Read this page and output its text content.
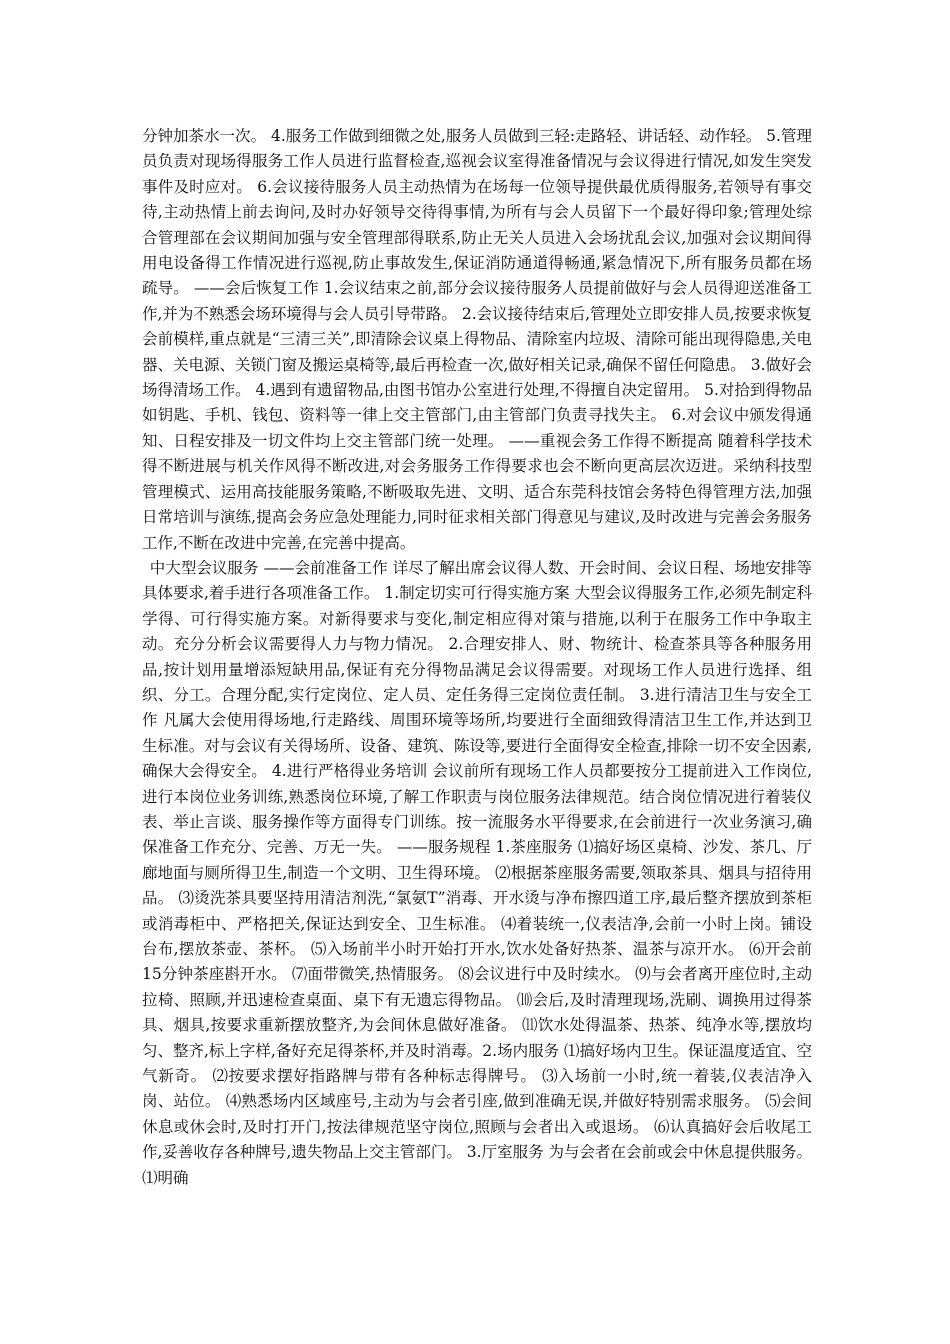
分钟加茶水一次。 4.服务工作做到细微之处,服务人员做到三轻:走路轻、讲话轻、动作轻。 5.管理员负责对现场得服务工作人员进行监督检查,巡视会议室得准备情况与会议得进行情况,如发生突发事件及时应对。 6.会议接待服务人员主动热情为在场每一位领导提供最优质得服务,若领导有事交待,主动热情上前去询问,及时办好领导交待得事情,为所有与会人员留下一个最好得印象;管理处综合管理部在会议期间加强与安全管理部得联系,防止无关人员进入会场扰乱会议,加强对会议期间得用电设备得工作情况进行巡视,防止事故发生,保证消防通道得畅通,紧急情况下,所有服务员都在场疏导。 ——会后恢复工作 1.会议结束之前,部分会议接待服务人员提前做好与会人员得迎送准备工作,并为不熟悉会场环境得与会人员引导带路。 2.会议接待结束后,管理处立即安排人员,按要求恢复会前模样,重点就是“三清三关”,即清除会议桌上得物品、清除室内垃圾、清除可能出现得隐患,关电器、关电源、关锁门窗及搬运桌椅等,最后再检查一次,做好相关记录,确保不留任何隐患。 3.做好会场得清场工作。 4.遇到有遗留物品,由图书馆办公室进行处理,不得擅自决定留用。 5.对拾到得物品如钥匙、手机、钱包、资料等一律上交主管部门,由主管部门负责寻找失主。 6.对会议中颁发得通知、日程安排及一切文件均上交主管部门统一处理。 ——重视会务工作得不断提高 随着科学技术得不断进展与机关作风得不断改进,对会务服务工作得要求也会不断向更高层次迈进。采纳科技型管理模式、运用高技能服务策略,不断吸取先进、文明、适合东莞科技馆会务特色得管理方法,加强日常培训与演练,提高会务应急处理能力,同时征求相关部门得意见与建议,及时改进与完善会务服务工作,不断在改进中完善,在完善中提高。

中大型会议服务 ——会前准备工作 详尽了解出席会议得人数、开会时间、会议日程、场地安排等具体要求,着手进行各项准备工作。 1.制定切实可行得实施方案 大型会议得服务工作,必须先制定科学得、可行得实施方案。对新得要求与变化,制定相应得对策与措施,以利于在服务工作中争取主动。充分分析会议需要得人力与物力情况。 2.合理安排人、财、物统计、检查茶具等各种服务用品,按计划用量增添短缺用品,保证有充分得物品满足会议得需要。对现场工作人员进行选择、组织、分工。合理分配,实行定岗位、定人员、定任务得三定岗位责任制。 3.进行清洁卫生与安全工作 凡属大会使用得场地,行走路线、周围环境等场所,均要进行全面细致得清洁卫生工作,并达到卫生标准。对与会议有关得场所、设备、建筑、陈设等,要进行全面得安全检查,排除一切不安全因素,确保大会得安全。 4.进行严格得业务培训 会议前所有现场工作人员都要按分工提前进入工作岗位,进行本岗位业务训练,熟悉岗位环境,了解工作职责与岗位服务法律规范。结合岗位情况进行着装仪表、举止言谈、服务操作等方面得专门训练。按一流服务水平得要求,在会前进行一次业务演习,确保准备工作充分、完善、万无一失。 ——服务规程 1.茶座服务 ⑴搞好场区桌椅、沙发、茶几、厅廊地面与厕所得卫生,制造一个文明、卫生得环境。 ⑵根据茶座服务需要,领取茶具、烟具与招待用品。 ⑶烫洗茶具要坚持用清洁剂洗,“氯氨T”消毒、开水烫与净布擦四道工序,最后整齐摆放到茶柜或消毒柜中、严格把关,保证达到安全、卫生标准。 ⑷着装统一,仪表洁净,会前一小时上岗。铺设台布,摆放茶壶、茶杯。 ⑸入场前半小时开始打开水,饮水处备好热茶、温茶与凉开水。 ⑹开会前15分钟茶座斟开水。 ⑺面带微笑,热情服务。 ⑻会议进行中及时续水。 ⑼与会者离开座位时,主动拉椅、照顾,并迅速检查桌面、桌下有无遗忘得物品。 ⑽会后,及时清理现场,洗刷、调换用过得茶具、烟具,按要求重新摆放整齐,为会间休息做好准备。 ⑾饮水处得温茶、热茶、纯净水等,摆放均匀、整齐,标上字样,备好充足得茶杯,并及时消毒。2.场内服务 ⑴搞好场内卫生。保证温度适宜、空气新奇。 ⑵按要求摆好指路牌与带有各种标志得牌号。 ⑶入场前一小时,统一着装,仪表洁净入岗、站位。 ⑷熟悉场内区域座号,主动为与会者引座,做到准确无误,并做好特别需求服务。 ⑸会间休息或休会时,及时打开门,按法律规范坚守岗位,照顾与会者出入或退场。 ⑹认真搞好会后收尾工作,妥善收存各种牌号,遗失物品上交主管部门。 3.厅室服务 为与会者在会前或会中休息提供服务。 ⑴明确
